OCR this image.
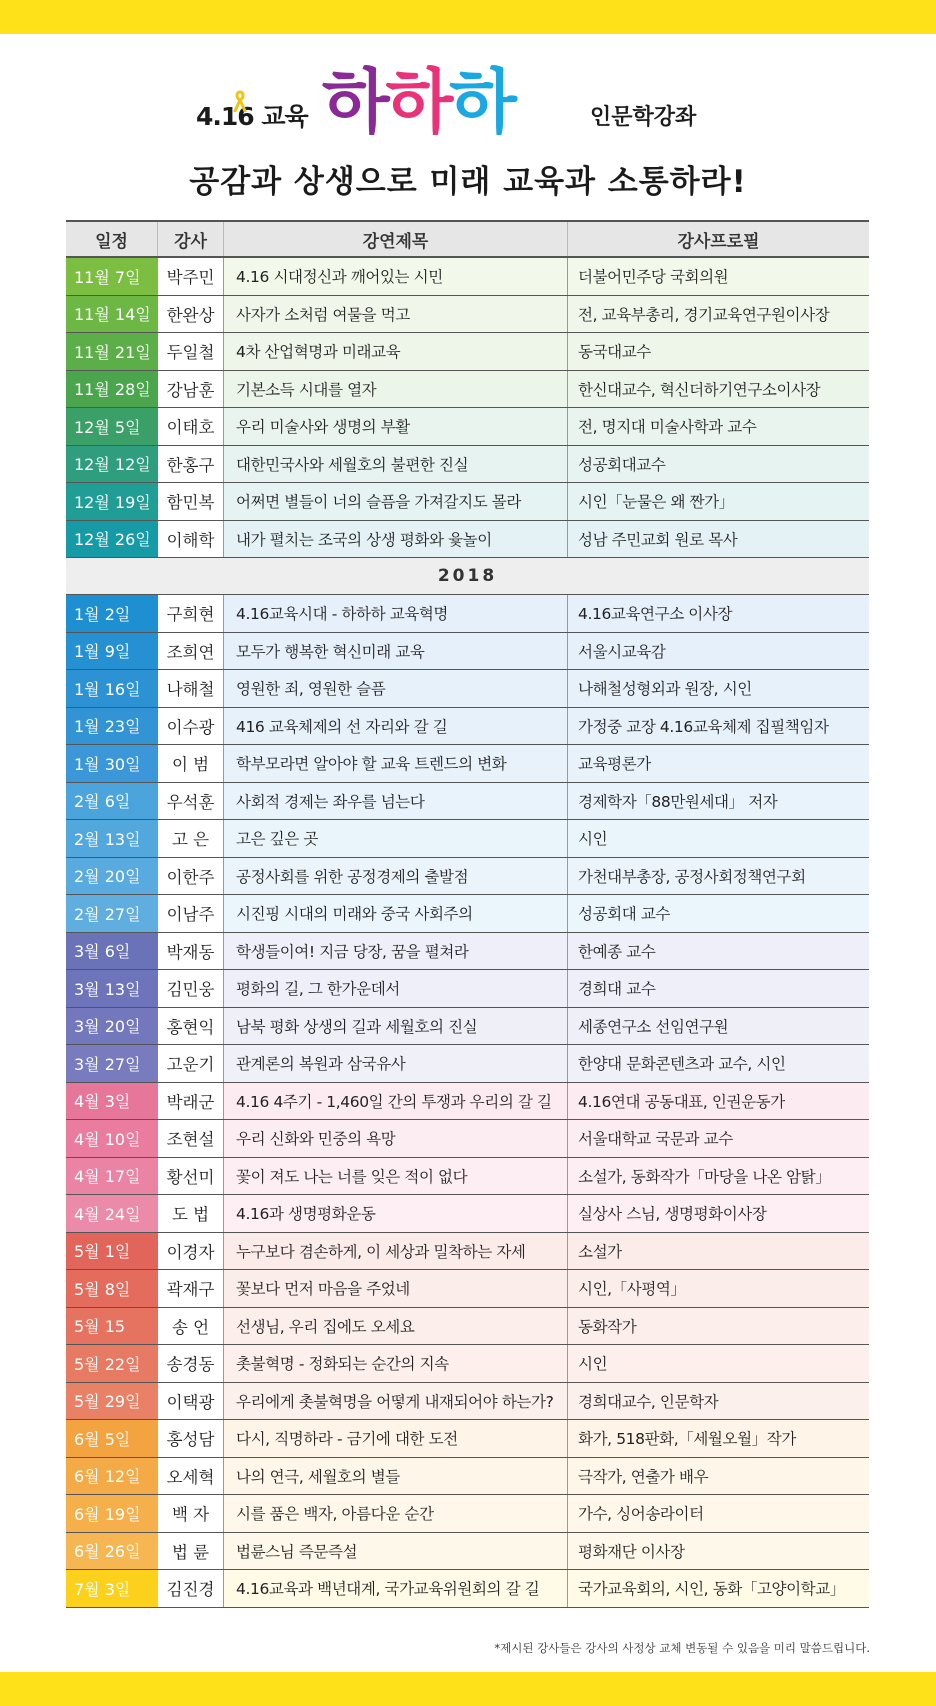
4.16 교육 하하하	인문학강좌
공감과 상생으로 미래 교육과 소통하라!
일정	강사	강연제목	강사프로필
11월 7일	박주민	4.16 시대정신과 깨어있는 시민	더불어민주당 국회의원
11월 14일 한완상	사자가 소처럼 여물을 먹고	전, 교육부총리, 경기교육연구원이사장
11월 21일 두일철	4차 산업혁명과 미래교육	동국대교수
11월 28일 강남훈	기본소득 시대를 열자	한신대교수, 혁신더하기연구소이사장
12월 5일	이태호	우리 미술사와 생명의 부활	전, 명지대 미술사학과 교수
12월 12일 한홍구	대한민국사와 세월호의 불편한 진실	성공회대교수
12월 19일 함민복	어쩌면 별들이 너의 슬픔을 가져갈지도 몰라	시인「눈물은 왜 짠가」
12월 26일 이해학	내가 펼치는 조국의 상생 평화와 윷놀이	성남 주민교회 원로 목사
2018
1월 2일	구희현	4.16교육시대 - 하하하 교육혁명	4.16교육연구소 이사장
1월 9일	조희연	모두가 행복한 혁신미래 교육	서울시교육감
1월 16일	나해철	영원한 죄, 영원한 슬픔	나해철성형외과 원장, 시인
1월 23일	이수광	416 교육체제의 선 자리와 갈 길	가정중 교장 4.16교육체제 집필책임자
1월 30일	이 범	학부모라면 알아야 할 교육 트렌드의 변화	교육평론가
2월 6일	우석훈	사회적 경제는 좌우를 넘는다	경제학자「88만원세대」 저자
2월 13일	고 은	고은 깊은 곳	시인
2월 20일	이한주	공정사회를 위한 공정경제의 출발점	가천대부총장, 공정사회정책연구회
2월 27일	이남주	시진핑 시대의 미래와 중국 사회주의	성공회대 교수
3월 6일	박재동	학생들이여! 지금 당장, 꿈을 펼쳐라	한예종 교수
3월 13일	김민웅	평화의 길, 그 한가운데서	경희대 교수
3월 20일	홍현익	남북 평화 상생의 길과 세월호의 진실	세종연구소 선임연구원
3월 27일	고운기	관계론의 복원과 삼국유사	한양대 문화콘텐츠과 교수, 시인
4월 3일	박래군	4.16 4주기 - 1,460일 간의 투쟁과 우리의 갈 길	4.16연대 공동대표, 인권운동가
4월 10일	조현설	우리 신화와 민중의 욕망	서울대학교 국문과 교수
4월 17일	황선미	꽃이 져도 나는 너를 잊은 적이 없다	소설가, 동화작가「마당을 나온 암탉」
4월 24일	도 법	4.16과 생명평화운동	실상사 스님, 생명평화이사장
5월 1일	이경자	누구보다 겸손하게, 이 세상과 밀착하는 자세	소설가
5월 8일	곽재구	꽃보다 먼저 마음을 주었네	시인,「사평역」
5월 15	송 언	선생님, 우리 집에도 오세요	동화작가
5월 22일	송경동	촛불혁명 - 정화되는 순간의 지속	시인
5월 29일	이택광	우리에게 촛불혁명을 어떻게 내재되어야 하는가?	경희대교수, 인문학자
6월 5일	홍성담	다시, 직명하라 - 금기에 대한 도전	화가, 518판화,「세월오월」작가
6월 12일	오세혁	나의 연극, 세월호의 별들	극작가, 연출가 배우
6월 19일	백 자	시를 품은 백자, 아름다운 순간	가수, 싱어송라이터
6월 26일	법 륜	법륜스님 즉문즉설	평화재단 이사장
7월 3일	김진경	4.16교육과 백년대계, 국가교육위원회의 갈 길	국가교육회의, 시인, 동화「고양이학교」
*제시된 강사들은 강사의 사정상 교체 변동될 수 있음을 미리 말씀드립니다.
